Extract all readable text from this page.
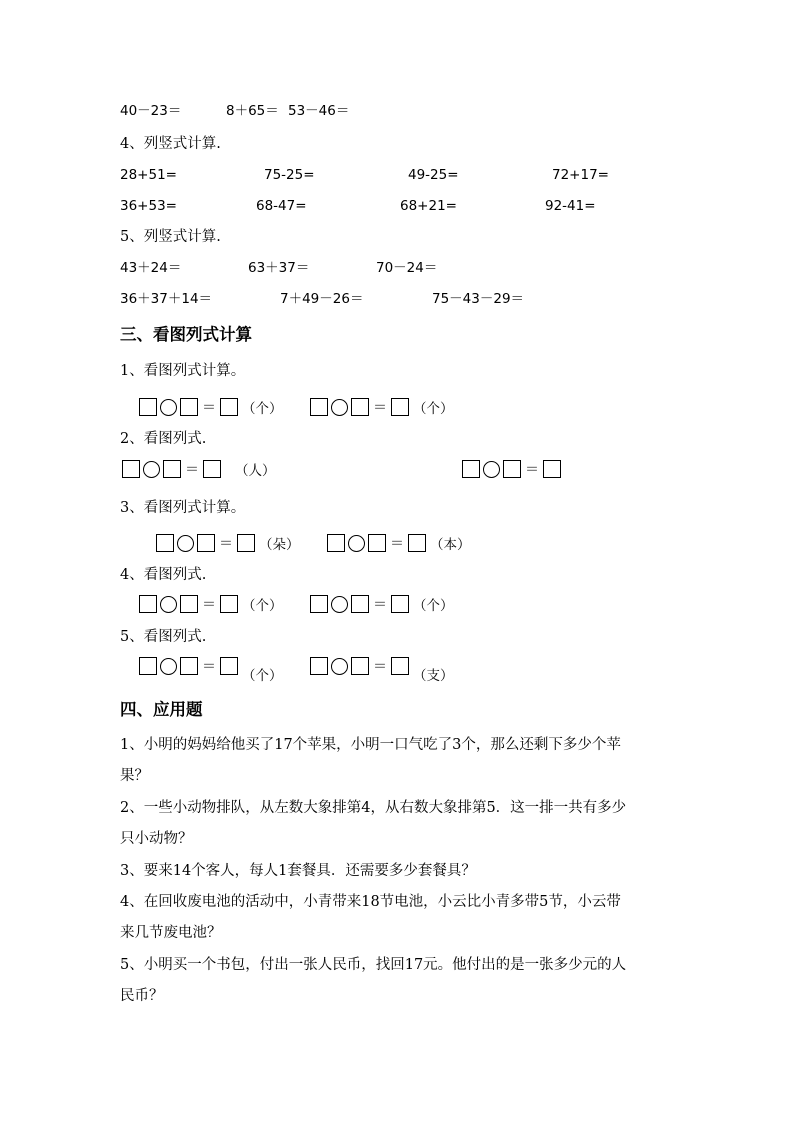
40－23＝	8＋65＝ 53－46＝
4、列竖式计算.
28+51=	75-25=	49-25=	72+17=
36+53=	68-47=	68+21=	92-41=
5、列竖式计算.
43＋24＝	63＋37＝	70－24＝
36＋37＋14＝	7＋49－26＝	75－43－29＝
三、看图列式计算
1、看图列式计算。
＝ （个）	＝ （个）
2、看图列式.
＝	（人）	＝
3、看图列式计算。
＝ （朵）	＝ （本）
4、看图列式.
＝ （个）	＝ （个）
5、看图列式.
＝
（个）
＝
（支）
四、应用题
1、小明的妈妈给他买了17个苹果，小明一口气吃了3个，那么还剩下多少个苹
果？
2、一些小动物排队，从左数大象排第4，从右数大象排第5．这一排一共有多少
只小动物？
3、要来14个客人，每人1套餐具．还需要多少套餐具？
4、在回收废电池的活动中，小青带来18节电池，小云比小青多带5节，小云带
来几节废电池？
5、小明买一个书包，付出一张人民币，找回17元。他付出的是一张多少元的人
民币？
